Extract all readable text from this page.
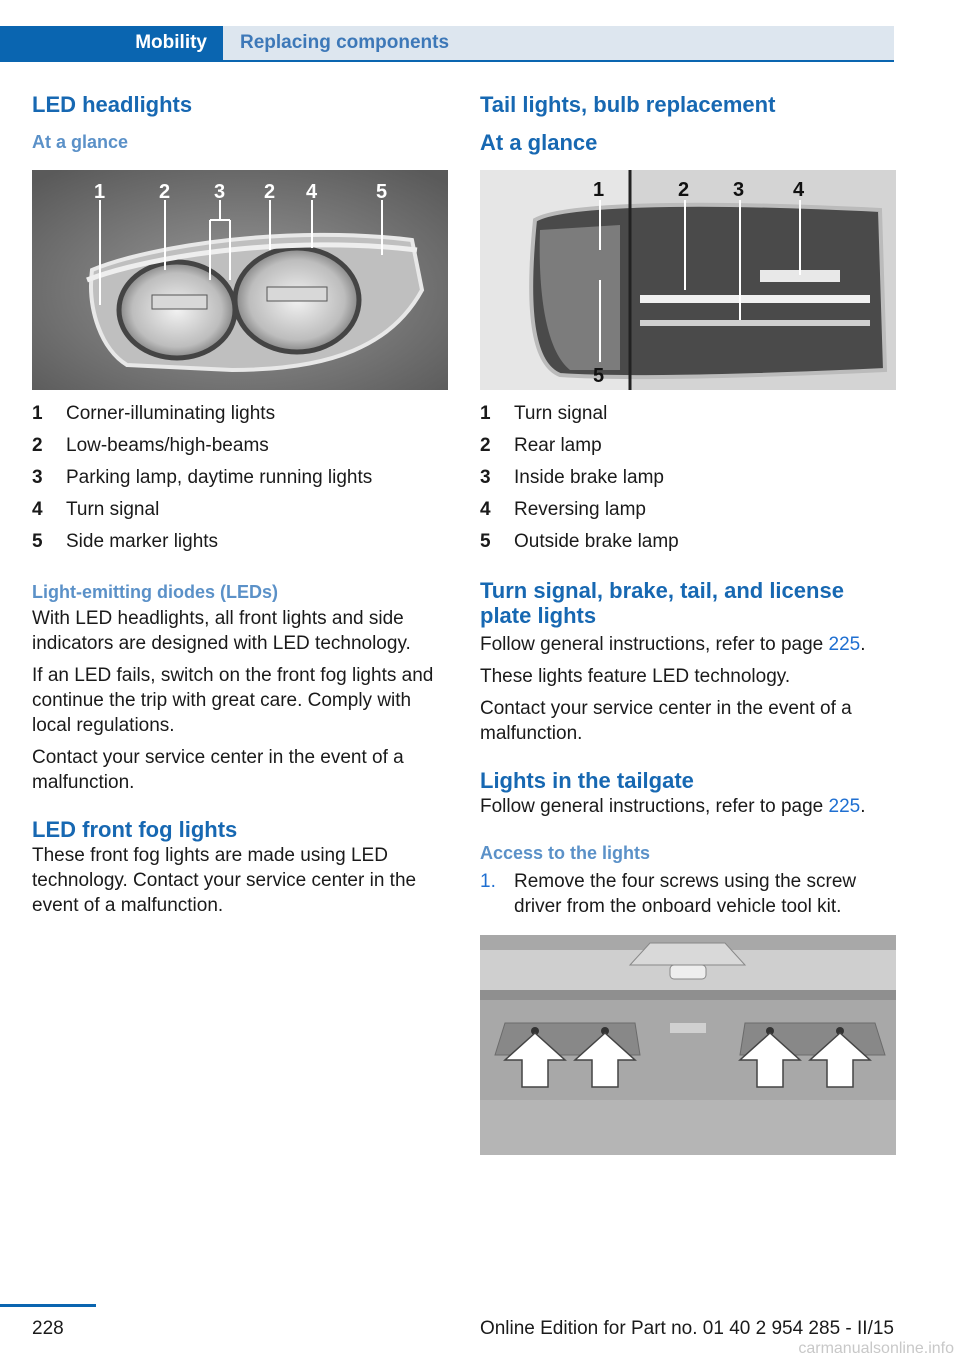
Mobility Replacing components
LED headlights
At a glance
1	2 3 2 4	5
1	Corner-illuminating lights
2	Low-beams/high-beams
3	Parking lamp, daytime running lights
4	Turn signal
5	Side marker lights
Light-emitting diodes (LEDs)

With LED headlights, all front lights and side indicators are designed with LED technology.

If an LED fails, switch on the front fog lights and continue the trip with great care. Comply with local regulations.

Contact your service center in the event of a malfunction.

LED front fog lights

These front fog lights are made using LED technology. Contact your service center in the event of a malfunction.

Tail lights, bulb replacement
At a glance
1	2 3 4
5
1	Turn signal
2	Rear lamp
3	Inside brake lamp
4	Reversing lamp
5	Outside brake lamp
Turn signal, brake, tail, and license plate lights

Follow general instructions, refer to page 225.

These lights feature LED technology.

Contact your service center in the event of a malfunction.

Lights in the tailgate

Follow general instructions, refer to page 225.

Access to the lights
1. Remove the four screws using the screw driver from the onboard vehicle tool kit.
228	Online Edition for Part no. 01 40 2 954 285 - II/15
carmanualsonline.info
